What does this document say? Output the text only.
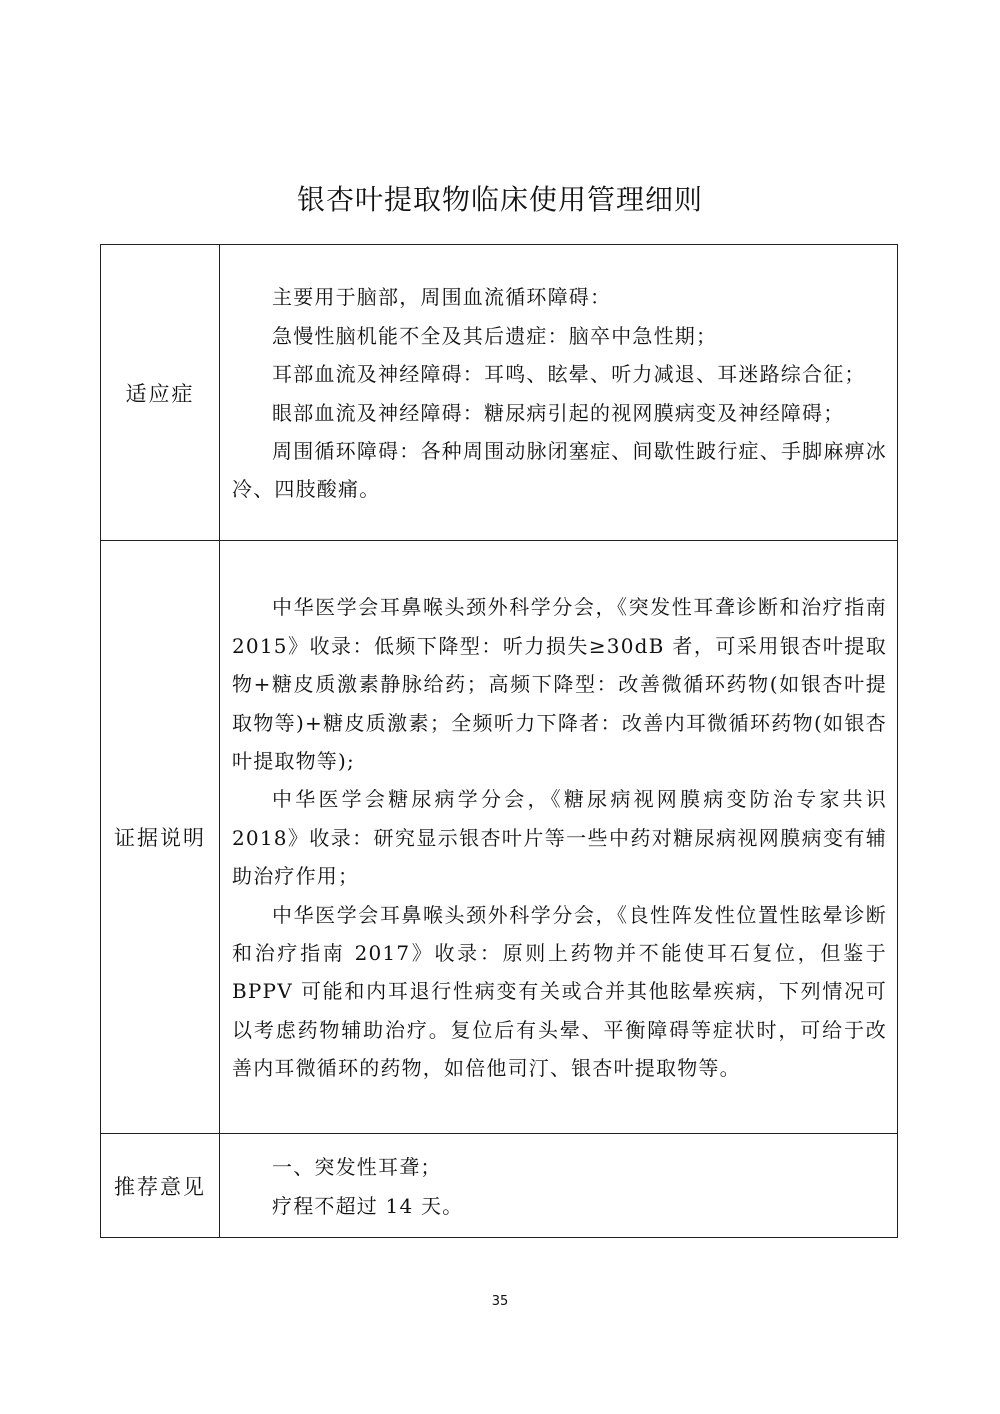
银杏叶提取物临床使用管理细则
适应症	主要用于脑部，周围血流循环障碍：

急慢性脑机能不全及其后遗症：脑卒中急性期；

耳部血流及神经障碍：耳鸣、眩晕、听力减退、耳迷路综合征；

眼部血流及神经障碍：糖尿病引起的视网膜病变及神经障碍；

周围循环障碍：各种周围动脉闭塞症、间歇性跛行症、手脚麻痹冰冷、四肢酸痛。

证据说明	中华医学会耳鼻喉头颈外科学分会，《突发性耳聋诊断和治疗指南 2015》收录：低频下降型：听力损失≥30dB 者，可采用银杏叶提取物+糖皮质激素静脉给药；高频下降型：改善微循环药物(如银杏叶提取物等)+糖皮质激素；全频听力下降者：改善内耳微循环药物(如银杏叶提取物等);

中华医学会糖尿病学分会，《糖尿病视网膜病变防治专家共识 2018》收录：研究显示银杏叶片等一些中药对糖尿病视网膜病变有辅助治疗作用；

中华医学会耳鼻喉头颈外科学分会，《良性阵发性位置性眩晕诊断和治疗指南 2017》收录：原则上药物并不能使耳石复位，但鉴于 BPPV 可能和内耳退行性病变有关或合并其他眩晕疾病，下列情况可以考虑药物辅助治疗。复位后有头晕、平衡障碍等症状时，可给于改善内耳微循环的药物，如倍他司汀、银杏叶提取物等。

推荐意见	一、突发性耳聋；

疗程不超过 14 天。

35
